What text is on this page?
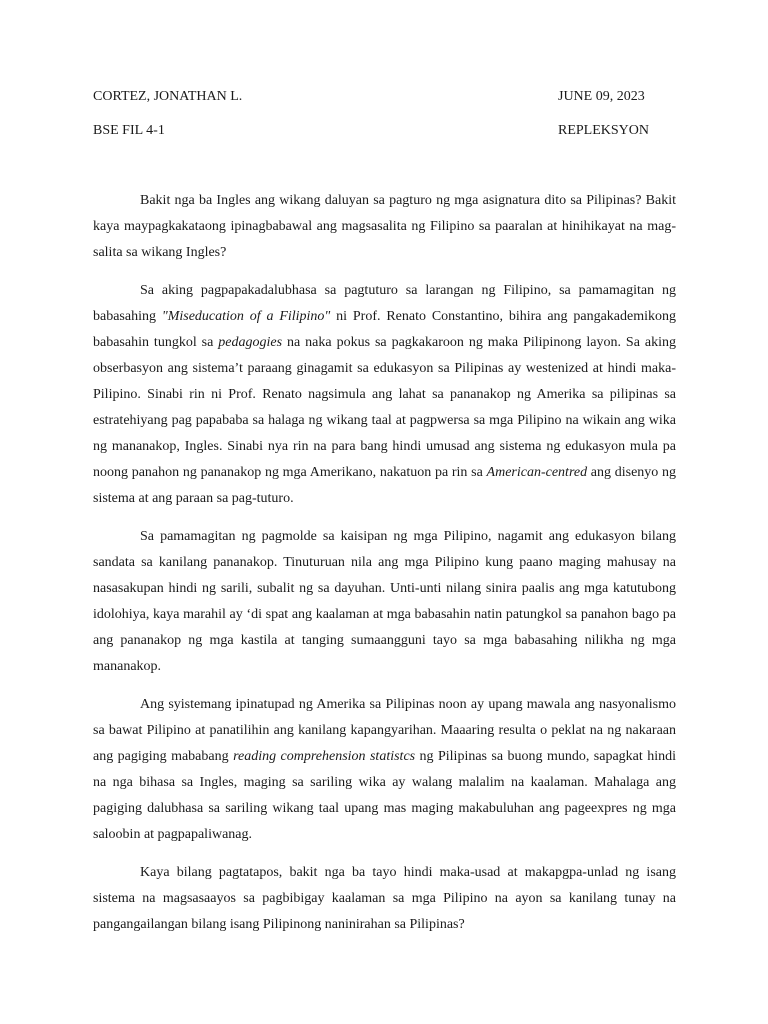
CORTEZ, JONATHAN L.	JUNE 09, 2023
BSE FIL 4-1	REPLEKSYON

Bakit nga ba Ingles ang wikang daluyan sa pagturo ng mga asignatura dito sa Pilipinas? Bakit kaya maypagkakataong ipinagbabawal ang magsasalita ng Filipino sa paaralan at hinihikayat na mag-salita sa wikang Ingles?

Sa aking pagpapakadalubhasa sa pagtuturo sa larangan ng Filipino, sa pamamagitan ng babasahing "Miseducation of a Filipino" ni Prof. Renato Constantino, bihira ang pangakademikong babasahin tungkol sa pedagogies na naka pokus sa pagkakaroon ng maka Pilipinong layon. Sa aking obserbasyon ang sistema’t paraang ginagamit sa edukasyon sa Pilipinas ay westenized at hindi maka-Pilipino. Sinabi rin ni Prof. Renato nagsimula ang lahat sa pananakop ng Amerika sa pilipinas sa estratehiyang pag papababa sa halaga ng wikang taal at pagpwersa sa mga Pilipino na wikain ang wika ng mananakop, Ingles. Sinabi nya rin na para bang hindi umusad ang sistema ng edukasyon mula pa noong panahon ng pananakop ng mga Amerikano, nakatuon pa rin sa American-centred ang disenyo ng sistema at ang paraan sa pag-tuturo.

Sa pamamagitan ng pagmolde sa kaisipan ng mga Pilipino, nagamit ang edukasyon bilang sandata sa kanilang pananakop. Tinuturuan nila ang mga Pilipino kung paano maging mahusay na nasasakupan hindi ng sarili, subalit ng sa dayuhan. Unti-unti nilang sinira paalis ang mga katutubong idolohiya, kaya marahil ay ‘di spat ang kaalaman at mga babasahin natin patungkol sa panahon bago pa ang pananakop ng mga kastila at tanging sumaangguni tayo sa mga babasahing nilikha ng mga mananakop.

Ang syistemang ipinatupad ng Amerika sa Pilipinas noon ay upang mawala ang nasyonalismo sa bawat Pilipino at panatilihin ang kanilang kapangyarihan. Maaaring resulta o peklat na ng nakaraan ang pagiging mababang reading comprehension statistcs ng Pilipinas sa buong mundo, sapagkat hindi na nga bihasa sa Ingles, maging sa sariling wika ay walang malalim na kaalaman. Mahalaga ang pagiging dalubhasa sa sariling wikang taal upang mas maging makabuluhan ang pageexpres ng mga saloobin at pagpapaliwanag.

Kaya bilang pagtatapos, bakit nga ba tayo hindi maka-usad at makapgpa-unlad ng isang sistema na magsasaayos sa pagbibigay kaalaman sa mga Pilipino na ayon sa kanilang tunay na pangangailangan bilang isang Pilipinong naninirahan sa Pilipinas?
